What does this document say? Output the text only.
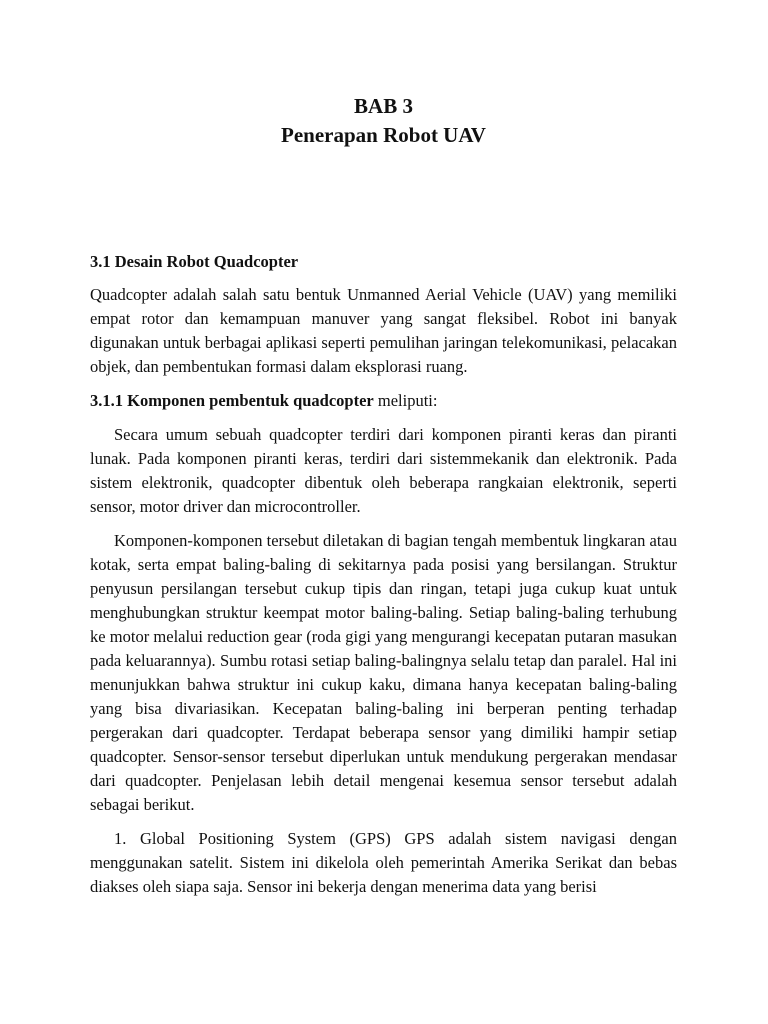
BAB 3
Penerapan Robot UAV
3.1 Desain Robot Quadcopter

Quadcopter adalah salah satu bentuk Unmanned Aerial Vehicle (UAV) yang memiliki empat rotor dan kemampuan manuver yang sangat fleksibel. Robot ini banyak digunakan untuk berbagai aplikasi seperti pemulihan jaringan telekomunikasi, pelacakan objek, dan pembentukan formasi dalam eksplorasi ruang.

3.1.1 Komponen pembentuk quadcopter meliputi:

Secara umum sebuah quadcopter terdiri dari komponen piranti keras dan piranti lunak. Pada komponen piranti keras, terdiri dari sistemmekanik dan elektronik. Pada sistem elektronik, quadcopter dibentuk oleh beberapa rangkaian elektronik, seperti sensor, motor driver dan microcontroller.

Komponen-komponen tersebut diletakan di bagian tengah membentuk lingkaran atau kotak, serta empat baling-baling di sekitarnya pada posisi yang bersilangan. Struktur penyusun persilangan tersebut cukup tipis dan ringan, tetapi juga cukup kuat untuk menghubungkan struktur keempat motor baling-baling. Setiap baling-baling terhubung ke motor melalui reduction gear (roda gigi yang mengurangi kecepatan putaran masukan pada keluarannya). Sumbu rotasi setiap baling-balingnya selalu tetap dan paralel. Hal ini menunjukkan bahwa struktur ini cukup kaku, dimana hanya kecepatan baling-baling yang bisa divariasikan. Kecepatan baling-baling ini berperan penting terhadap pergerakan dari quadcopter. Terdapat beberapa sensor yang dimiliki hampir setiap quadcopter. Sensor-sensor tersebut diperlukan untuk mendukung pergerakan mendasar dari quadcopter. Penjelasan lebih detail mengenai kesemua sensor tersebut adalah sebagai berikut.

1. Global Positioning System (GPS) GPS adalah sistem navigasi dengan menggunakan satelit. Sistem ini dikelola oleh pemerintah Amerika Serikat dan bebas diakses oleh siapa saja. Sensor ini bekerja dengan menerima data yang berisi
